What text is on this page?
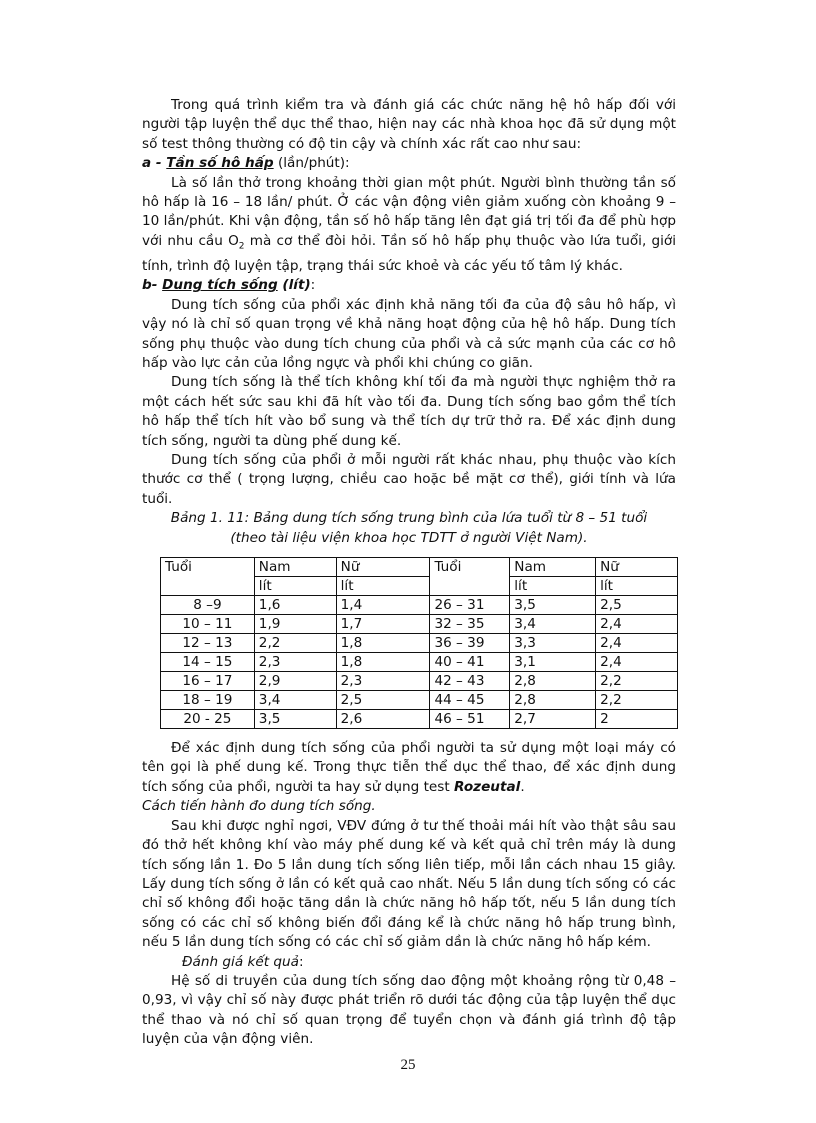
Trong quá trình kiểm tra và đánh giá các chức năng hệ hô hấp đối với người tập luyện thể dục thể thao, hiện nay các nhà khoa học đã sử dụng một số test thông thường có độ tin cậy và chính xác rất cao như sau:

a - Tần số hô hấp (lần/phút):

Là số lần thở trong khoảng thời gian một phút. Người bình thường tần số hô hấp là 16 – 18 lần/ phút. Ở các vận động viên giảm xuống còn khoảng 9 – 10 lần/phút. Khi vận động, tần số hô hấp tăng lên đạt giá trị tối đa để phù hợp với nhu cầu $O_2$ mà cơ thể đòi hỏi. Tần số hô hấp phụ thuộc vào lứa tuổi, giới tính, trình độ luyện tập, trạng thái sức khoẻ và các yếu tố tâm lý khác.

b- Dung tích sống (lít):

Dung tích sống của phổi xác định khả năng tối đa của độ sâu hô hấp, vì vậy nó là chỉ số quan trọng về khả năng hoạt động của hệ hô hấp. Dung tích sống phụ thuộc vào dung tích chung của phổi và cả sức mạnh của các cơ hô hấp vào lực cản của lồng ngực và phổi khi chúng co giãn.

Dung tích sống là thể tích không khí tối đa mà người thực nghiệm thở ra một cách hết sức sau khi đã hít vào tối đa. Dung tích sống bao gồm thể tích hô hấp thể tích hít vào bổ sung và thể tích dự trữ thở ra. Để xác định dung tích sống, người ta dùng phế dung kế.

Dung tích sống của phổi ở mỗi người rất khác nhau, phụ thuộc vào kích thước cơ thể ( trọng lượng, chiều cao hoặc bề mặt cơ thể), giới tính và lứa tuổi.

Bảng 1. 11: Bảng dung tích sống trung bình của lứa tuổi từ 8 – 51 tuổi
(theo tài liệu viện khoa học TDTT ở người Việt Nam).

Tuổi	Nam	Nữ	Tuổi	Nam	Nữ
	lít	lít		lít	lít
8 –9	1,6	1,4	26 – 31	3,5	2,5
10 – 11	1,9	1,7	32 – 35	3,4	2,4
12 – 13	2,2	1,8	36 – 39	3,3	2,4
14 – 15	2,3	1,8	40 – 41	3,1	2,4
16 – 17	2,9	2,3	42 – 43	2,8	2,2
18 – 19	3,4	2,5	44 – 45	2,8	2,2
20 - 25	3,5	2,6	46 – 51	2,7	2

Để xác định dung tích sống của phổi người ta sử dụng một loại máy có tên gọi là phế dung kế. Trong thực tiễn thể dục thể thao, để xác định dung tích sống của phổi, người ta hay sử dụng test Rozeutal.

Cách tiến hành đo dung tích sống.

Sau khi được nghỉ ngơi, VĐV đứng ở tư thế thoải mái hít vào thật sâu sau đó thở hết không khí vào máy phế dung kế và kết quả chỉ trên máy là dung tích sống lần 1. Đo 5 lần dung tích sống liên tiếp, mỗi lần cách nhau 15 giây. Lấy dung tích sống ở lần có kết quả cao nhất. Nếu 5 lần dung tích sống có các chỉ số không đổi hoặc tăng dần là chức năng hô hấp tốt, nếu 5 lần dung tích sống có các chỉ số không biến đổi đáng kể là chức năng hô hấp trung bình, nếu 5 lần dung tích sống có các chỉ số giảm dần là chức năng hô hấp kém.

Đánh giá kết quả:

Hệ số di truyền của dung tích sống dao động một khoảng rộng từ 0,48 – 0,93, vì vậy chỉ số này được phát triển rõ dưới tác động của tập luyện thể dục thể thao và nó chỉ số quan trọng để tuyển chọn và đánh giá trình độ tập luyện của vận động viên.

25
